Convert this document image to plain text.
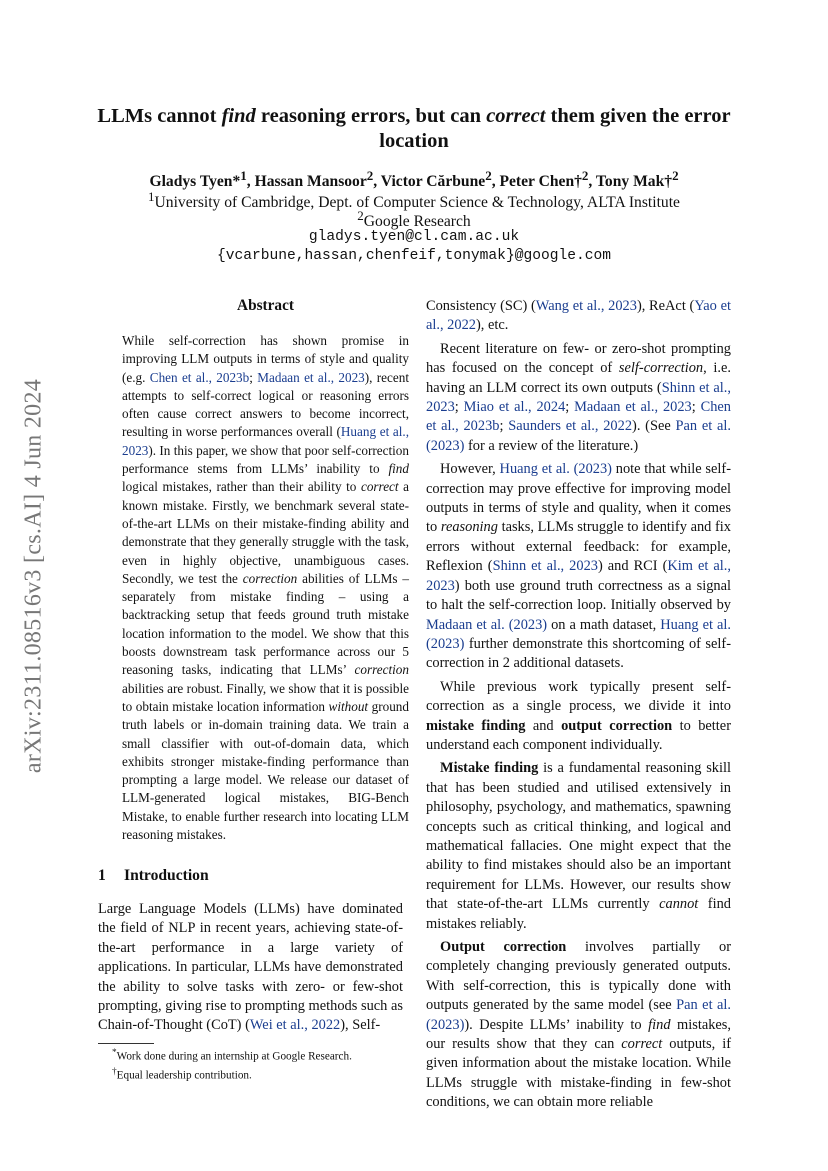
arXiv:2311.08516v3 [cs.AI] 4 Jun 2024
LLMs cannot find reasoning errors, but can correct them given the error location
Gladys Tyen*$^1$, Hassan Mansoor$^2$, Victor Cărbune$^2$, Peter Chen†$^2$, Tony Mak†$^2$
$^1$University of Cambridge, Dept. of Computer Science & Technology, ALTA Institute
$^2$Google Research
gladys.tyen@cl.cam.ac.uk
{vcarbune,hassan,chenfeif,tonymak}@google.com
Abstract
While self-correction has shown promise in improving LLM outputs in terms of style and quality (e.g. Chen et al., 2023b; Madaan et al., 2023), recent attempts to self-correct logical or reasoning errors often cause correct answers to become incorrect, resulting in worse performances overall (Huang et al., 2023). In this paper, we show that poor self-correction performance stems from LLMs’ inability to find logical mistakes, rather than their ability to correct a known mistake. Firstly, we benchmark several state-of-the-art LLMs on their mistake-finding ability and demonstrate that they generally struggle with the task, even in highly objective, unambiguous cases. Secondly, we test the correction abilities of LLMs – separately from mistake finding – using a backtracking setup that feeds ground truth mistake location information to the model. We show that this boosts downstream task performance across our 5 reasoning tasks, indicating that LLMs’ correction abilities are robust. Finally, we show that it is possible to obtain mistake location information without ground truth labels or in-domain training data. We train a small classifier with out-of-domain data, which exhibits stronger mistake-finding performance than prompting a large model. We release our dataset of LLM-generated logical mistakes, BIG-Bench Mistake, to enable further research into locating LLM reasoning mistakes.
1 Introduction

Large Language Models (LLMs) have dominated the field of NLP in recent years, achieving state-of-the-art performance in a large variety of applications. In particular, LLMs have demonstrated the ability to solve tasks with zero- or few-shot prompting, giving rise to prompting methods such as Chain-of-Thought (CoT) (Wei et al., 2022), Self-

Consistency (SC) (Wang et al., 2023), ReAct (Yao et al., 2022), etc.

Recent literature on few- or zero-shot prompting has focused on the concept of self-correction, i.e. having an LLM correct its own outputs (Shinn et al., 2023; Miao et al., 2024; Madaan et al., 2023; Chen et al., 2023b; Saunders et al., 2022). (See Pan et al. (2023) for a review of the literature.)

However, Huang et al. (2023) note that while self-correction may prove effective for improving model outputs in terms of style and quality, when it comes to reasoning tasks, LLMs struggle to identify and fix errors without external feedback: for example, Reflexion (Shinn et al., 2023) and RCI (Kim et al., 2023) both use ground truth correctness as a signal to halt the self-correction loop. Initially observed by Madaan et al. (2023) on a math dataset, Huang et al. (2023) further demonstrate this shortcoming of self-correction in 2 additional datasets.

While previous work typically present self-correction as a single process, we divide it into mistake finding and output correction to better understand each component individually.

Mistake finding is a fundamental reasoning skill that has been studied and utilised extensively in philosophy, psychology, and mathematics, spawning concepts such as critical thinking, and logical and mathematical fallacies. One might expect that the ability to find mistakes should also be an important requirement for LLMs. However, our results show that state-of-the-art LLMs currently cannot find mistakes reliably.

Output correction involves partially or completely changing previously generated outputs. With self-correction, this is typically done with outputs generated by the same model (see Pan et al. (2023)). Despite LLMs’ inability to find mistakes, our results show that they can correct outputs, if given information about the mistake location. While LLMs struggle with mistake-finding in few-shot conditions, we can obtain more reliable

*Work done during an internship at Google Research.
†Equal leadership contribution.
